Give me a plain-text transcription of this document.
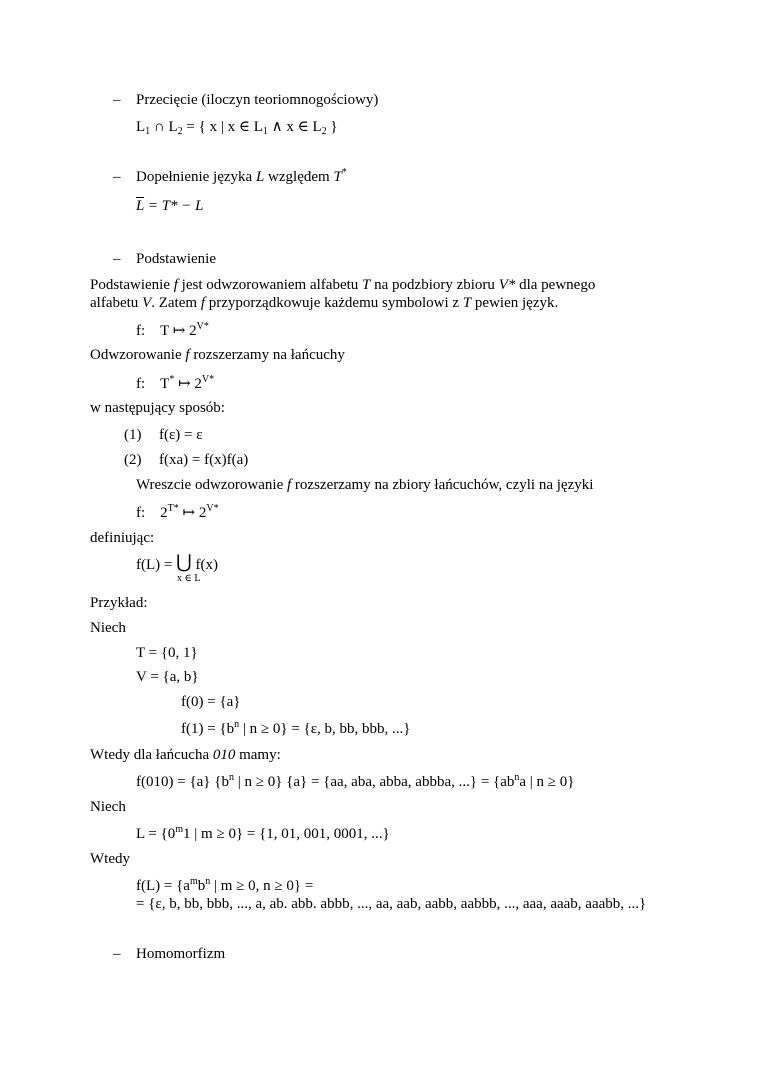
– Przecięcie (iloczyn teoriomnogościowy)
$L_1$ ∩ $L_2$ = { x | x ∈ $L_1$ ∧ x ∈ $L_2$ }
– Dopełnienie języka L względem T*
$\overline{L} = T* - L$
– Podstawienie
Podstawienie f jest odwzorowaniem alfabetu T na podzbiory zbioru V* dla pewnego
alfabetu V. Zatem f przyporządkowuje każdemu symbolowi z T pewien język.
f: T ↦ $2^{V*}$
Odwzorowanie f rozszerzamy na łańcuchy
f: T* ↦ $2^{V*}$
w następujący sposób:
(1) f(ε) = ε
(2) f(xa) = f(x)f(a)
Wreszcie odwzorowanie f rozszerzamy na zbiory łańcuchów, czyli na języki
f: $2^{T*}$ ↦ $2^{V*}$
definiując:
f(L) = ⋃ f(x)
x ∈ L
Przykład:
Niech
T = {0, 1}
V = {a, b}
f(0) = {a}
$f(1) = \{b^n$ | n ≥ 0} = {ε, b, bb, bbb, ...}
Wtedy dla łańcucha 010 mamy:
f(010) = {a} {$b^n$ | n ≥ 0} {a} = {aa, aba, abba, abbba, ...} = {$ab^na$ | n ≥ 0}
Niech
$L = \{0^m1$ | m ≥ 0} = {1, 01, 001, 0001, ...}
Wtedy
$f(L) = \{a^mb^n$ | m ≥ 0, n ≥ 0} =
= {ε, b, bb, bbb, ..., a, ab. abb. abbb, ..., aa, aab, aabb, aabbb, ..., aaa, aaab, aaabb, ...}
– Homomorfizm
